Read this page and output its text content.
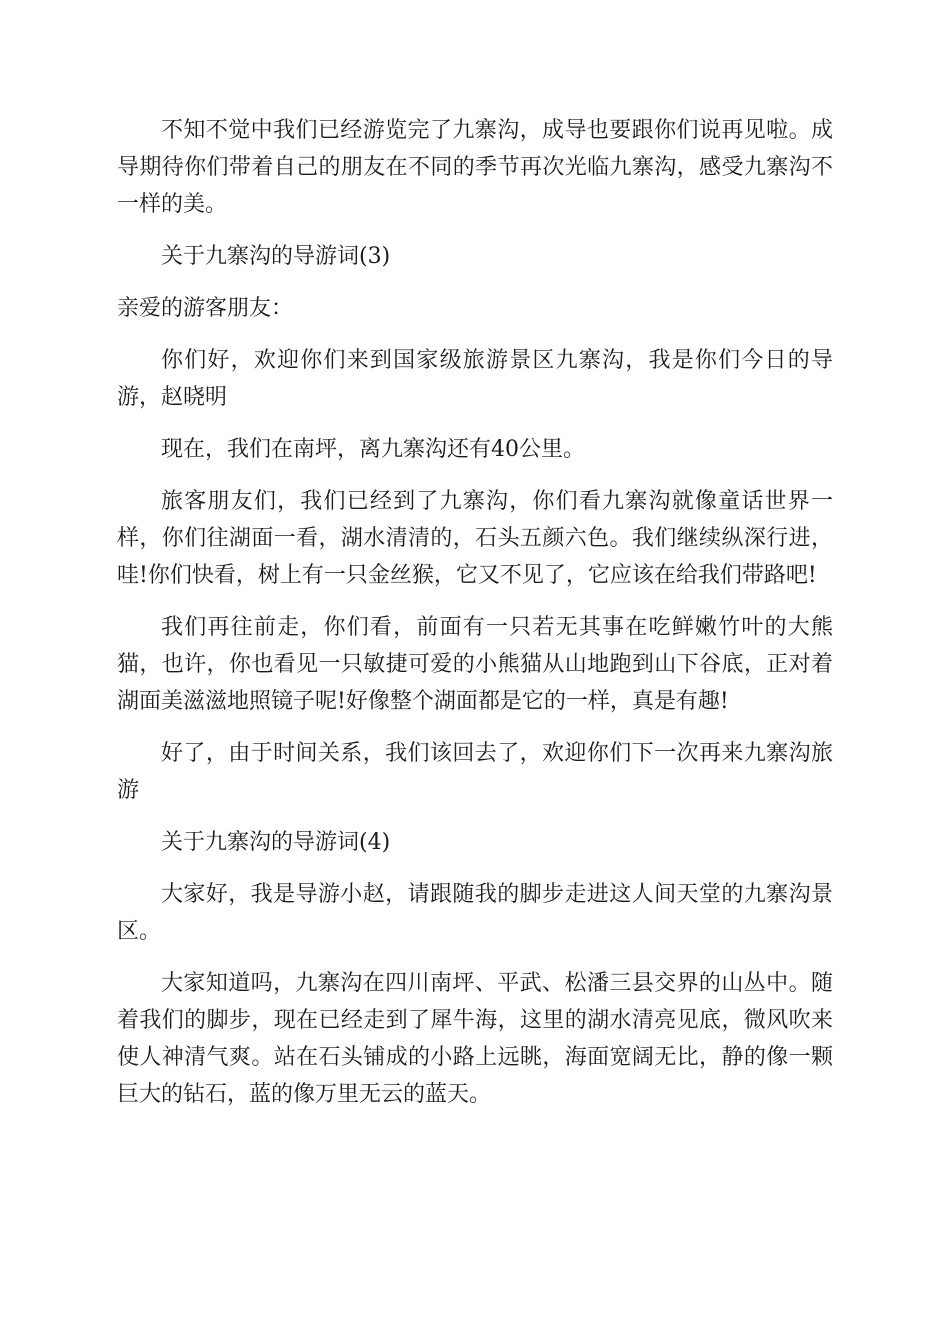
不知不觉中我们已经游览完了九寨沟，成导也要跟你们说再见啦。成导期待你们带着自己的朋友在不同的季节再次光临九寨沟，感受九寨沟不一样的美。

关于九寨沟的导游词(3)

亲爱的游客朋友：

你们好，欢迎你们来到国家级旅游景区九寨沟，我是你们今日的导游，赵晓明

现在，我们在南坪，离九寨沟还有40公里。

旅客朋友们，我们已经到了九寨沟，你们看九寨沟就像童话世界一样，你们往湖面一看，湖水清清的，石头五颜六色。我们继续纵深行进，哇!你们快看，树上有一只金丝猴，它又不见了，它应该在给我们带路吧!

我们再往前走，你们看，前面有一只若无其事在吃鲜嫩竹叶的大熊猫，也许，你也看见一只敏捷可爱的小熊猫从山地跑到山下谷底，正对着湖面美滋滋地照镜子呢!好像整个湖面都是它的一样，真是有趣!

好了，由于时间关系，我们该回去了，欢迎你们下一次再来九寨沟旅游

关于九寨沟的导游词(4)

大家好，我是导游小赵，请跟随我的脚步走进这人间天堂的九寨沟景区。

大家知道吗，九寨沟在四川南坪、平武、松潘三县交界的山丛中。随着我们的脚步，现在已经走到了犀牛海，这里的湖水清亮见底，微风吹来使人神清气爽。站在石头铺成的小路上远眺，海面宽阔无比，静的像一颗巨大的钻石，蓝的像万里无云的蓝天。
